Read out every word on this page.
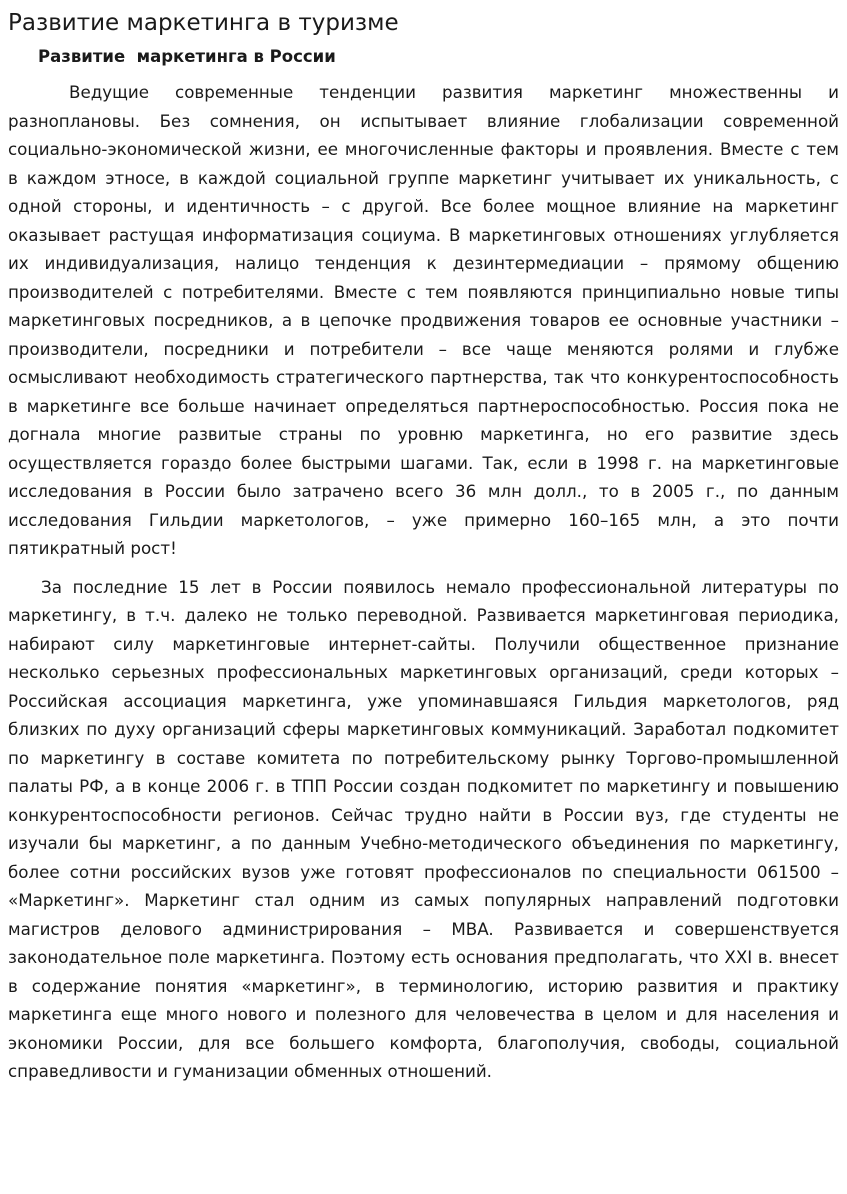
Развитие маркетинга в туризме
Развитие  маркетинга в России

Ведущие современные тенденции развития маркетинг множественны и разноплановы. Без сомнения, он испытывает влияние глобализации современной социально-экономической жизни, ее многочисленные факторы и проявления. Вместе с тем в каждом этносе, в каждой социальной группе маркетинг учитывает их уникальность, с одной стороны, и идентичность – с другой. Все более мощное влияние на маркетинг оказывает растущая информатизация социума. В маркетинговых отношениях углубляется их индивидуализация, налицо тенденция к дезинтермедиации – прямому общению производителей с потребителями. Вместе с тем появляются принципиально новые типы маркетинговых посредников, а в цепочке продвижения товаров ее основные участники – производители, посредники и потребители – все чаще меняются ролями и глубже осмысливают необходимость стратегического партнерства, так что конкурентоспособность в маркетинге все больше начинает определяться партнероспособностью. Россия пока не догнала многие развитые страны по уровню маркетинга, но его развитие здесь осуществляется гораздо более быстрыми шагами. Так, если в 1998 г. на маркетинговые исследования в России было затрачено всего 36 млн долл., то в 2005 г., по данным исследования Гильдии маркетологов, – уже примерно 160–165 млн, а это почти пятикратный рост!

За последние 15 лет в России появилось немало профессиональной литературы по маркетингу, в т.ч. далеко не только переводной. Развивается маркетинговая периодика, набирают силу маркетинговые интернет-сайты. Получили общественное признание несколько серьезных профессиональных маркетинговых организаций, среди которых – Российская ассоциация маркетинга, уже упоминавшаяся Гильдия маркетологов, ряд близких по духу организаций сферы маркетинговых коммуникаций. Заработал подкомитет по маркетингу в составе комитета по потребительскому рынку Торгово-промышленной палаты РФ, а в конце 2006 г. в ТПП России создан подкомитет по маркетингу и повышению конкурентоспособности регионов. Сейчас трудно найти в России вуз, где студенты не изучали бы маркетинг, а по данным Учебно-методического объединения по маркетингу, более сотни российских вузов уже готовят профессионалов по специальности 061500 – «Маркетинг». Маркетинг стал одним из самых популярных направлений подготовки магистров делового администрирования – MBA. Развивается и совершенствуется законодательное поле маркетинга. Поэтому есть основания предполагать, что XXI в. внесет в содержание понятия «маркетинг», в терминологию, историю развития и практику маркетинга еще много нового и полезного для человечества в целом и для населения и экономики России, для все большего комфорта, благополучия, свободы, социальной справедливости и гуманизации обменных отношений.
